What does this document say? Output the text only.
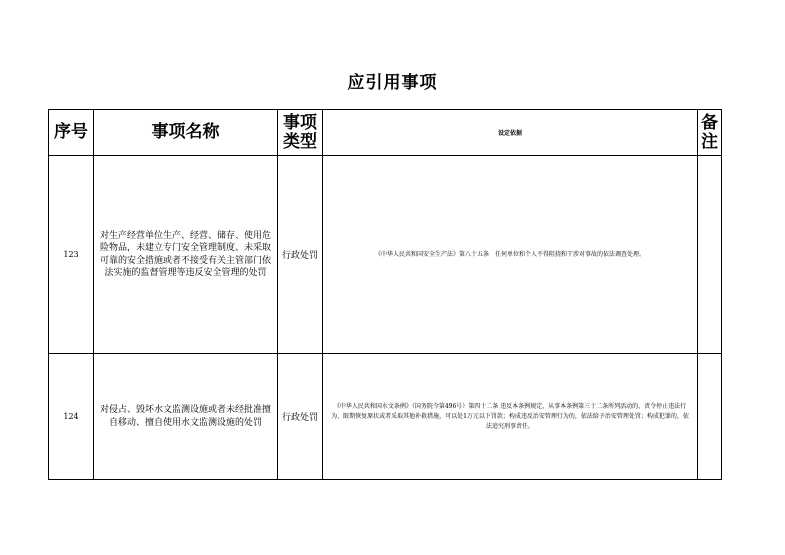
应引用事项
序号	事项名称	事项类型	设定依据	备注
123	对生产经营单位生产、经营、储存、使用危险物品，未建立专门安全管理制度、未采取可靠的安全措施或者不接受有关主管部门依法实施的监督管理等违反安全管理的处罚	行政处罚	《中华人民共和国安全生产法》第八十五条　任何单位和个人不得阻挠和干涉对事故的依法调查处理。	
124	对侵占、毁坏水文监测设施或者未经批准擅自移动、擅自使用水文监测设施的处罚	行政处罚	《中华人民共和国水文条例》（国务院令第496号）第四十二条 违反本条例规定，从事本条例第三十二条所列活动的，责令停止违法行为，限期恢复原状或者采取其他补救措施，可以处1万元以下罚款；构成违反治安管理行为的，依法给予治安管理处罚；构成犯罪的，依法追究刑事责任。	
